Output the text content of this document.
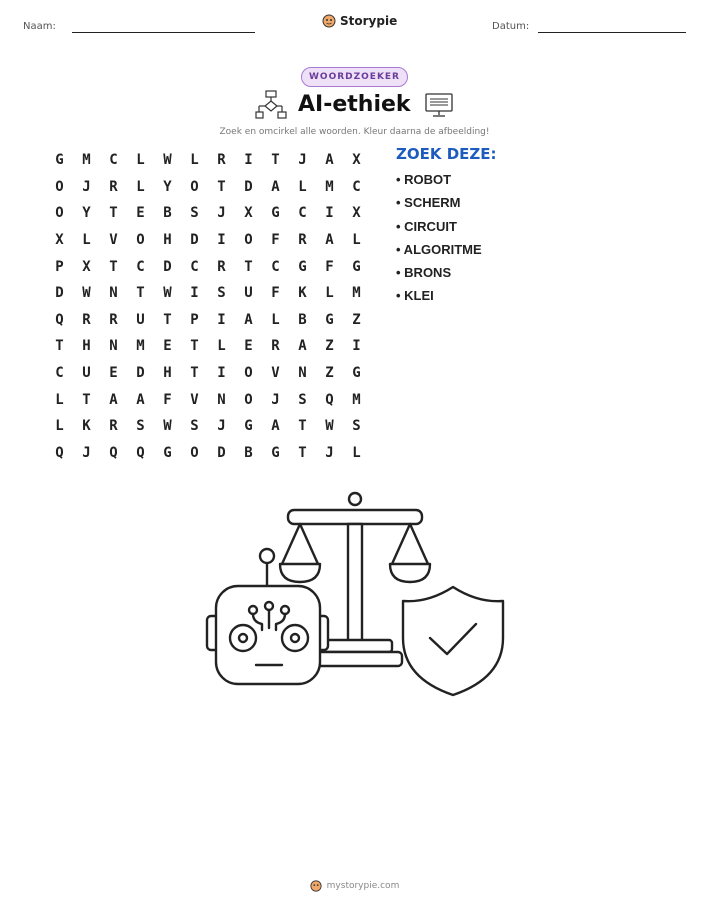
Naam:	Storypie	Datum:
WOORDZOEKER
AI-ethiek
Zoek en omcirkel alle woorden. Kleur daarna de afbeelding!
G	M	C	L	W	L	R	I	T	J	A	X
O	J	R	L	Y	O	T	D	A	L	M	C
O	Y	T	E	B	S	J	X	G	C	I	X
X	L	V	O	H	D	I	O	F	R	A	L
P	X	T	C	D	C	R	T	C	G	F	G
D	W	N	T	W	I	S	U	F	K	L	M
Q	R	R	U	T	P	I	A	L	B	G	Z
T	H	N	M	E	T	L	E	R	A	Z	I
C	U	E	D	H	T	I	O	V	N	Z	G
L	T	A	A	F	V	N	O	J	S	Q	M
L	K	R	S	W	S	J	G	A	T	W	S
Q	J	Q	Q	G	O	D	B	G	T	J	L
ZOEK DEZE:
• ROBOT
• SCHERM
• CIRCUIT
• ALGORITME
• BRONS
• KLEI
mystorypie.com
